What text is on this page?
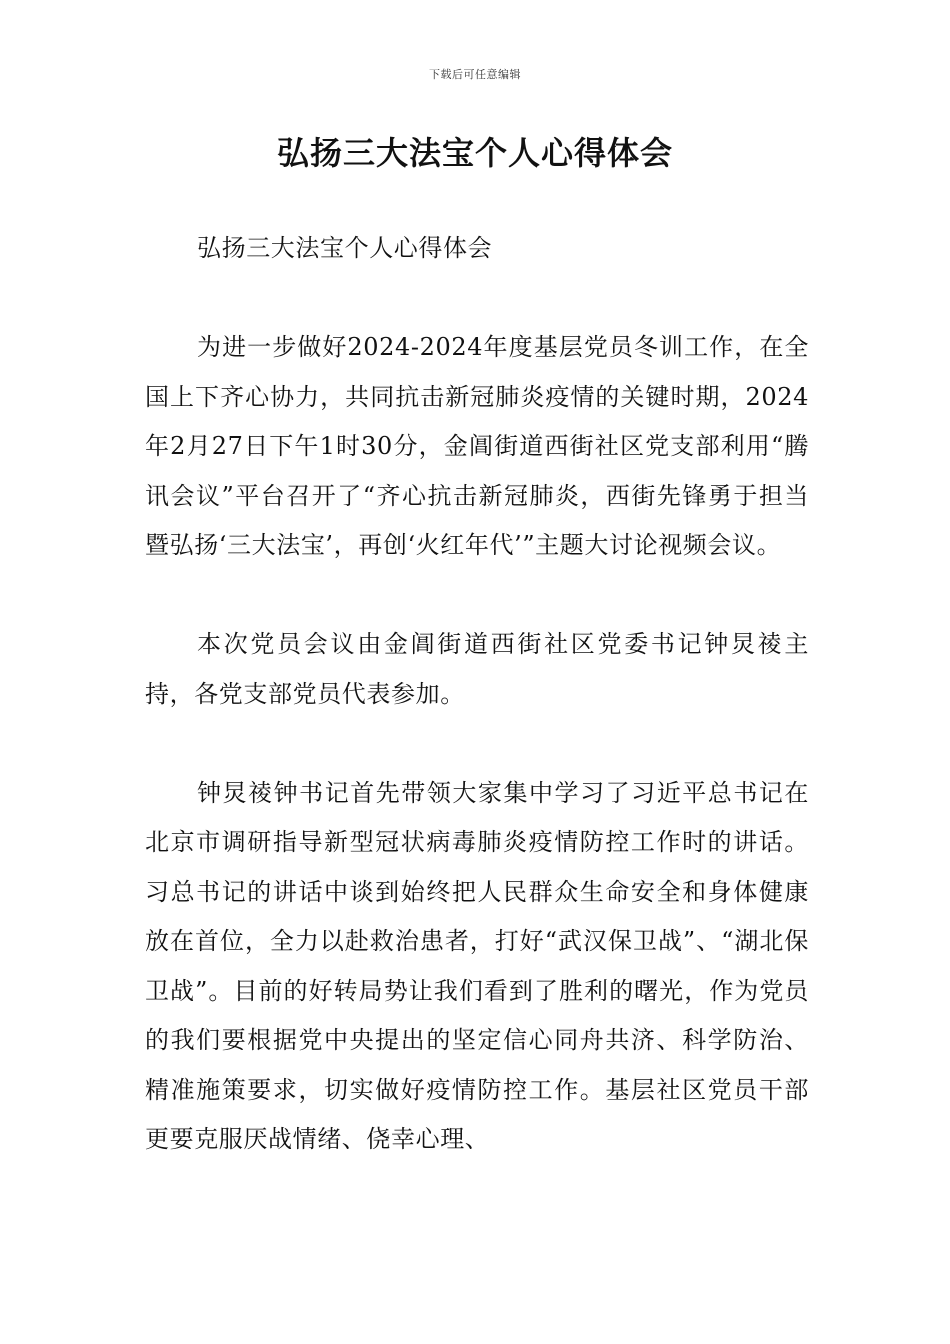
下载后可任意编辑
弘扬三大法宝个人心得体会

弘扬三大法宝个人心得体会

为进一步做好2024-2024年度基层党员冬训工作，在全国上下齐心协力，共同抗击新冠肺炎疫情的关键时期，2024年2月27日下午1时30分，金阊街道西街社区党支部利用“腾讯会议”平台召开了“齐心抗击新冠肺炎，西街先锋勇于担当暨弘扬‘三大法宝’，再创‘火红年代’”主题大讨论视频会议。

本次党员会议由金阊街道西街社区党委书记钟炅祾主持，各党支部党员代表参加。

钟炅祾钟书记首先带领大家集中学习了习近平总书记在北京市调研指导新型冠状病毒肺炎疫情防控工作时的讲话。习总书记的讲话中谈到始终把人民群众生命安全和身体健康放在首位，全力以赴救治患者，打好“武汉保卫战”、“湖北保卫战”。目前的好转局势让我们看到了胜利的曙光，作为党员的我们要根据党中央提出的坚定信心同舟共济、科学防治、精准施策要求，切实做好疫情防控工作。基层社区党员干部更要克服厌战情绪、侥幸心理、
